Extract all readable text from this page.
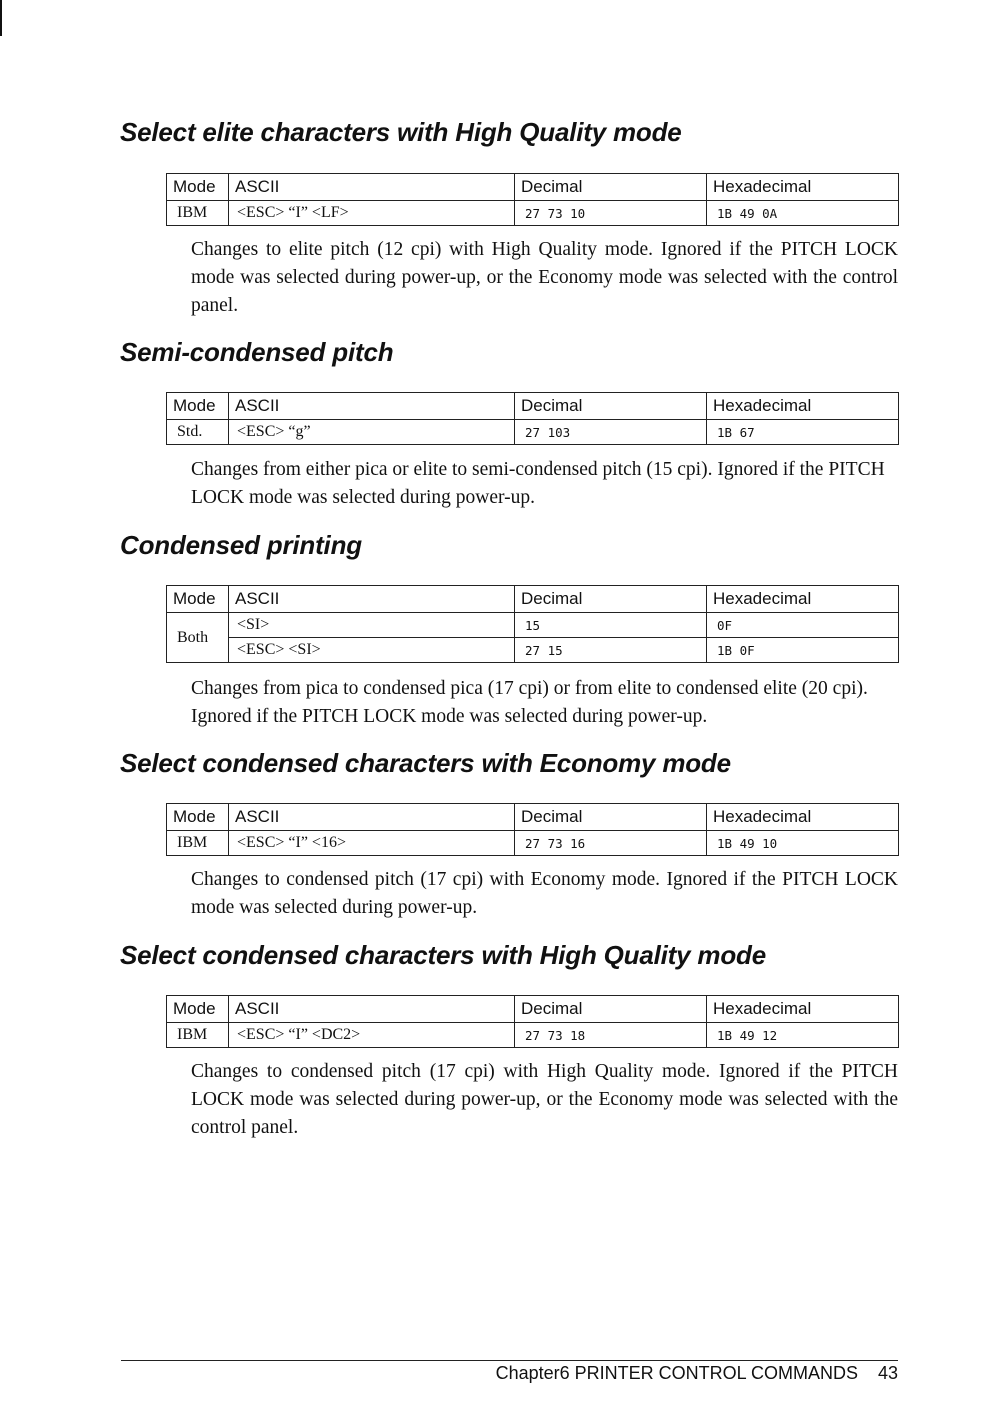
Select elite characters with High Quality mode
Mode	ASCII	Decimal	Hexadecimal
IBM	<ESC> “I” <LF>	27 73 10	1B 49 0A

Changes to elite pitch (12 cpi) with High Quality mode. Ignored if the PITCH LOCK mode was selected during power-up, or the Economy mode was selected with the control panel.

Semi-condensed pitch
Mode	ASCII	Decimal	Hexadecimal
Std.	<ESC> “g”	27 103	1B 67

Changes from either pica or elite to semi-condensed pitch (15 cpi). Ignored if the PITCH LOCK mode was selected during power-up.

Condensed printing
Mode	ASCII	Decimal	Hexadecimal
Both	<SI>	15	0F
	<ESC> <SI>	27 15	1B 0F

Changes from pica to condensed pica (17 cpi) or from elite to condensed elite (20 cpi). Ignored if the PITCH LOCK mode was selected during power-up.

Select condensed characters with Economy mode
Mode	ASCII	Decimal	Hexadecimal
IBM	<ESC> “I” <16>	27 73 16	1B 49 10

Changes to condensed pitch (17 cpi) with Economy mode. Ignored if the PITCH LOCK mode was selected during power-up.

Select condensed characters with High Quality mode
Mode	ASCII	Decimal	Hexadecimal
IBM	<ESC> “I” <DC2>	27 73 18	1B 49 12

Changes to condensed pitch (17 cpi) with High Quality mode. Ignored if the PITCH LOCK mode was selected during power-up, or the Economy mode was selected with the control panel.

Chapter6 PRINTER CONTROL COMMANDS 43
